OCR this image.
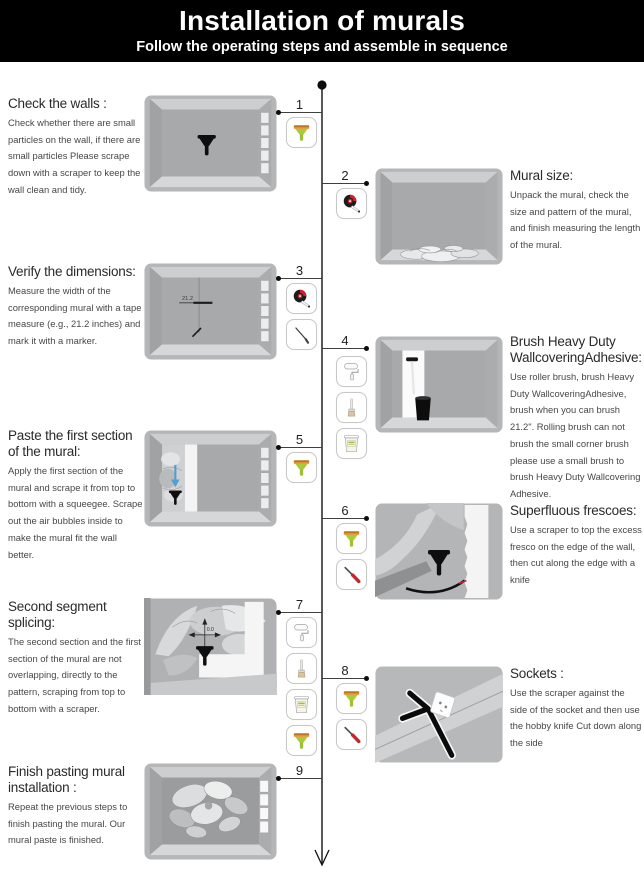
Installation of murals
Follow the operating steps and assemble in sequence
Check the walls :
Check whether there are small particles on the wall, if there are small particles Please scrape down with a scraper to keep the wall clean and tidy.
1
2	Mural size:
Unpack the mural, check the size and pattern of the mural, and finish measuring the length of the mural.
Verify the dimensions:
Measure the width of the corresponding mural with a tape measure (e.g., 21.2 inches) and mark it with a marker.
21.2
3
4	Brush Heavy Duty WallcoveringAdhesive:
Use roller brush, brush Heavy Duty WallcoveringAdhesive, brush when you can brush 21.2". Rolling brush can not brush the small corner brush please use a small brush to brush Heavy Duty Wallcovering Adhesive.
Paste the first section of the mural:
Apply the first section of the mural and scrape it from top to bottom with a squeegee. Scrape out the air bubbles inside to make the mural fit the wall better.
5
6	Superfluous frescoes:
Use a scraper to top the excess fresco on the edge of the wall, then cut along the edge with a knife
Second segment splicing:
The second section and the first section of the mural are not overlapping, directly to the pattern, scraping from top to bottom with a scraper.
0.0
7
8	Sockets :
Use the scraper against the side of the socket and then use the hobby knife Cut down along the side
Finish pasting mural installation :
Repeat the previous steps to finish pasting the mural. Our mural paste is finished.
9
